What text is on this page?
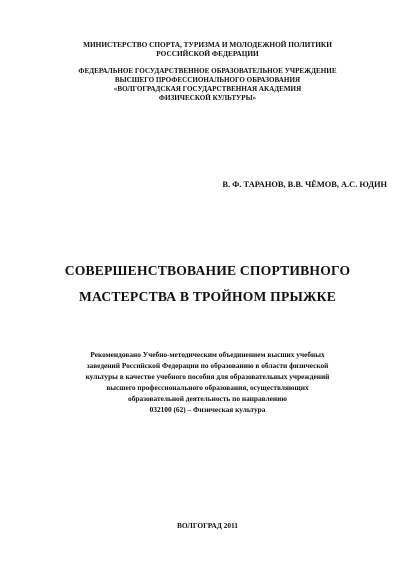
МИНИСТЕРСТВО СПОРТА, ТУРИЗМА И МОЛОДЕЖНОЙ ПОЛИТИКИ
РОССИЙСКОЙ ФЕДЕРАЦИИ
ФЕДЕРАЛЬНОЕ ГОСУДАРСТВЕННОЕ ОБРАЗОВАТЕЛЬНОЕ УЧРЕЖДЕНИЕ
ВЫСШЕГО ПРОФЕССИОНАЛЬНОГО ОБРАЗОВАНИЯ
«ВОЛГОГРАДСКАЯ ГОСУДАРСТВЕННАЯ АКАДЕМИЯ
ФИЗИЧЕСКОЙ КУЛЬТУРЫ»
В. Ф. ТАРАНОВ, В.В. ЧЁМОВ, А.С. ЮДИН
СОВЕРШЕНСТВОВАНИЕ СПОРТИВНОГО
МАСТЕРСТВА В ТРОЙНОМ ПРЫЖКЕ
Рекомендовано Учебно-методическим объединением высших учебных
заведений Российской Федерации по образованию в области физической
культуры в качестве учебного пособия для образовательных учреждений
высшего профессионального образования, осуществляющих
образовательной деятельность по направлению
032100 (62) – Физическая культура
ВОЛГОГРАД 2011
